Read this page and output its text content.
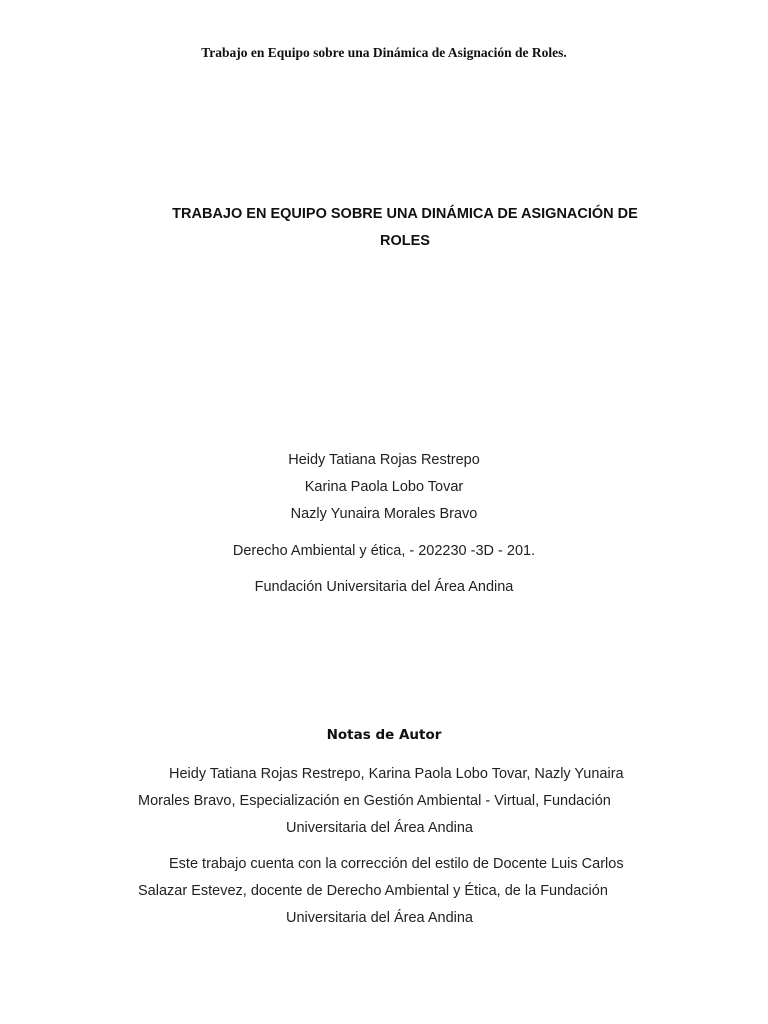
Trabajo en Equipo sobre una Dinámica de Asignación de Roles.
TRABAJO EN EQUIPO SOBRE UNA DINÁMICA DE ASIGNACIÓN DE
ROLES
Heidy Tatiana Rojas Restrepo
Karina Paola Lobo Tovar
Nazly Yunaira Morales Bravo
Derecho Ambiental y ética, - 202230 -3D - 201.
Fundación Universitaria del Área Andina
Notas de Autor
Heidy Tatiana Rojas Restrepo, Karina Paola Lobo Tovar, Nazly Yunaira
Morales Bravo, Especialización en Gestión Ambiental - Virtual, Fundación
Universitaria del Área Andina
Este trabajo cuenta con la corrección del estilo de Docente Luis Carlos
Salazar Estevez, docente de Derecho Ambiental y Ética, de la Fundación
Universitaria del Área Andina
